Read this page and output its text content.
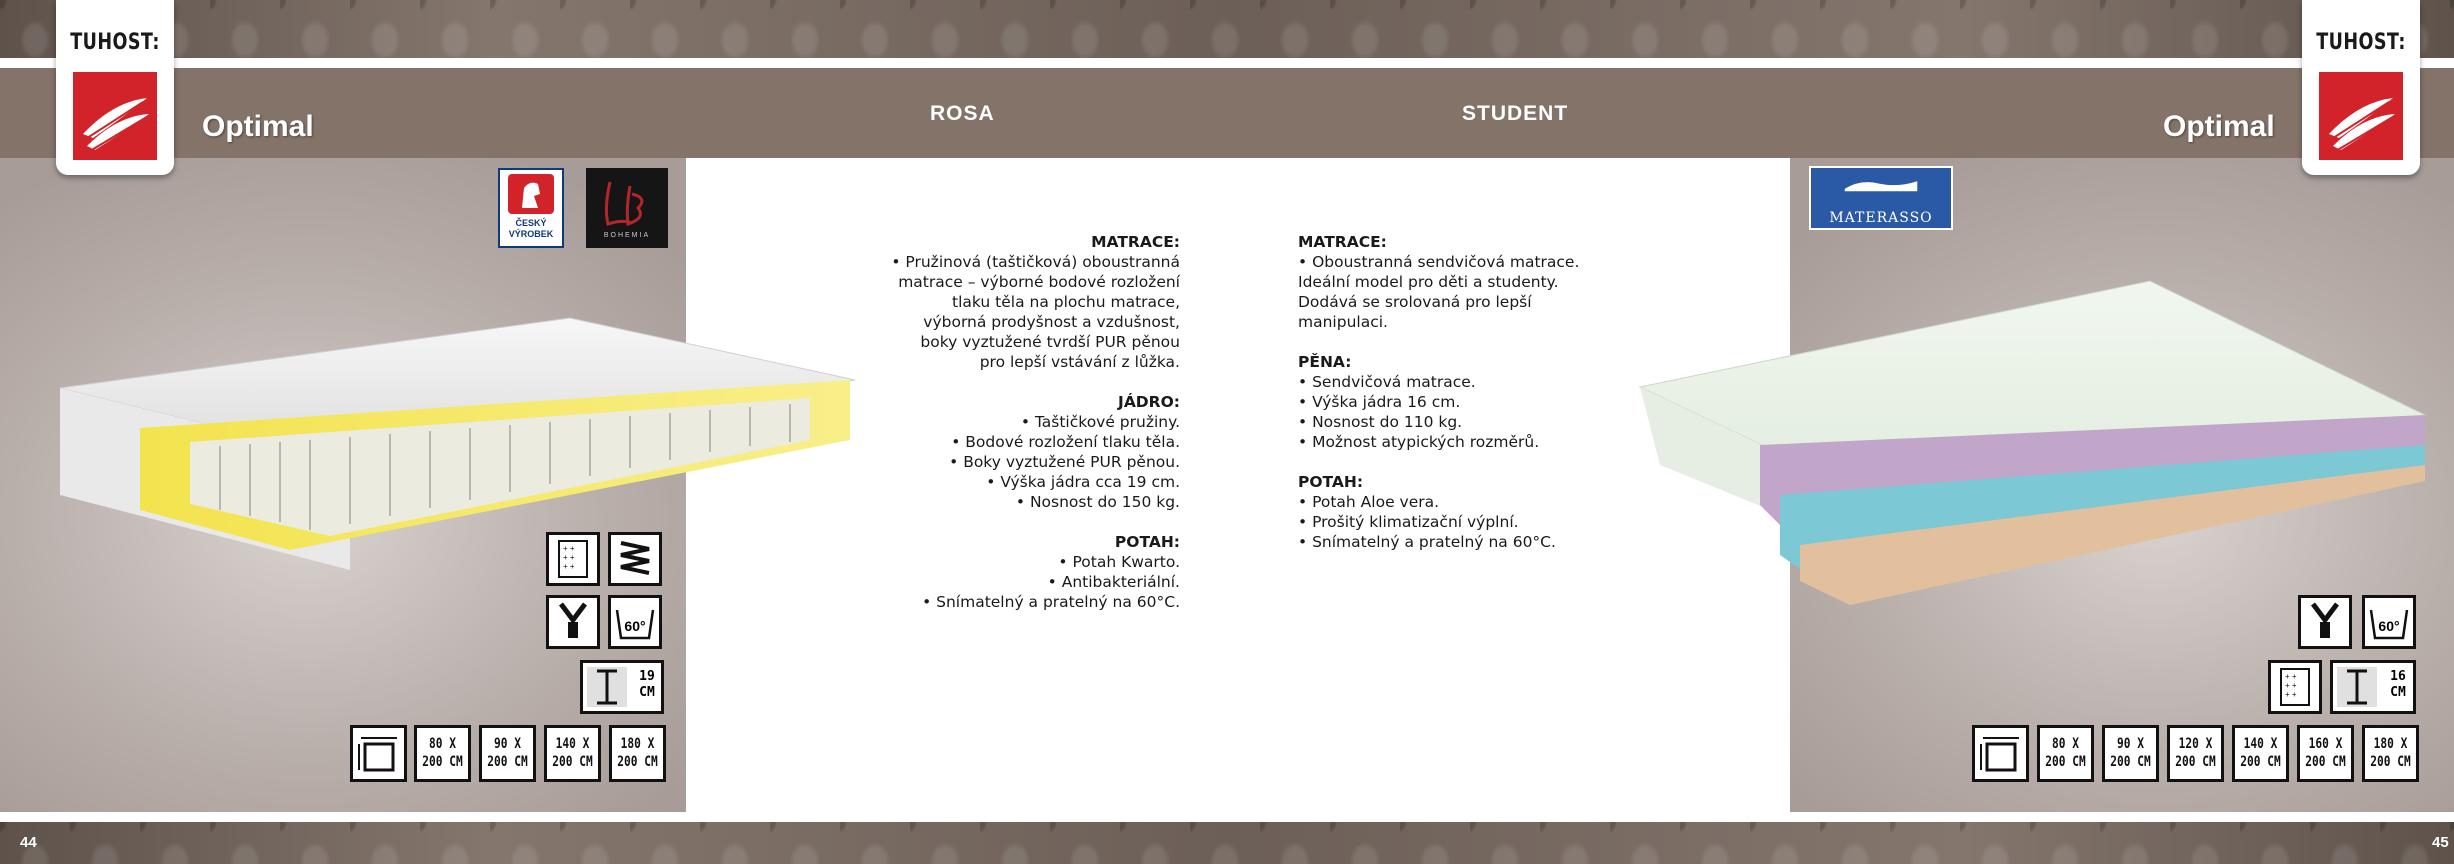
TUHOST:
Optimal	ROSA	STUDENT	Optimal
TUHOST:
ČESKÝ
VÝROBEK	BOHEMIA
MATERASSO
MATRACE:
• Pružinová (taštičková) oboustranná
matrace – výborné bodové rozložení
tlaku těla na plochu matrace,
výborná prodyšnost a vzdušnost,
boky vyztužené tvrdší PUR pěnou
pro lepší vstávání z lůžka.
JÁDRO:
• Taštičkové pružiny.
• Bodové rozložení tlaku těla.
• Boky vyztužené PUR pěnou.
• Výška jádra cca 19 cm.
• Nosnost do 150 kg.
POTAH:
• Potah Kwarto.
• Antibakteriální.
• Snímatelný a pratelný na 60°C.
MATRACE:
• Oboustranná sendvičová matrace.
Ideální model pro děti a studenty.
Dodává se srolovaná pro lepší
manipulaci.
PĚNA:
• Sendvičová matrace.
• Výška jádra 16 cm.
• Nosnost do 110 kg.
• Možnost atypických rozměrů.
POTAH:
• Potah Aloe vera.
• Prošitý klimatizační výplní.
• Snímatelný a pratelný na 60°C.
+ +
+ +
+ +
60°
19
CM
80 X
200 CM
90 X
200 CM
140 X
200 CM
180 X
200 CM
60°
+ +
+ +
+ +
16
CM
80 X
200 CM
90 X
200 CM
120 X
200 CM
140 X
200 CM
160 X
200 CM
180 X
200 CM
44	45
